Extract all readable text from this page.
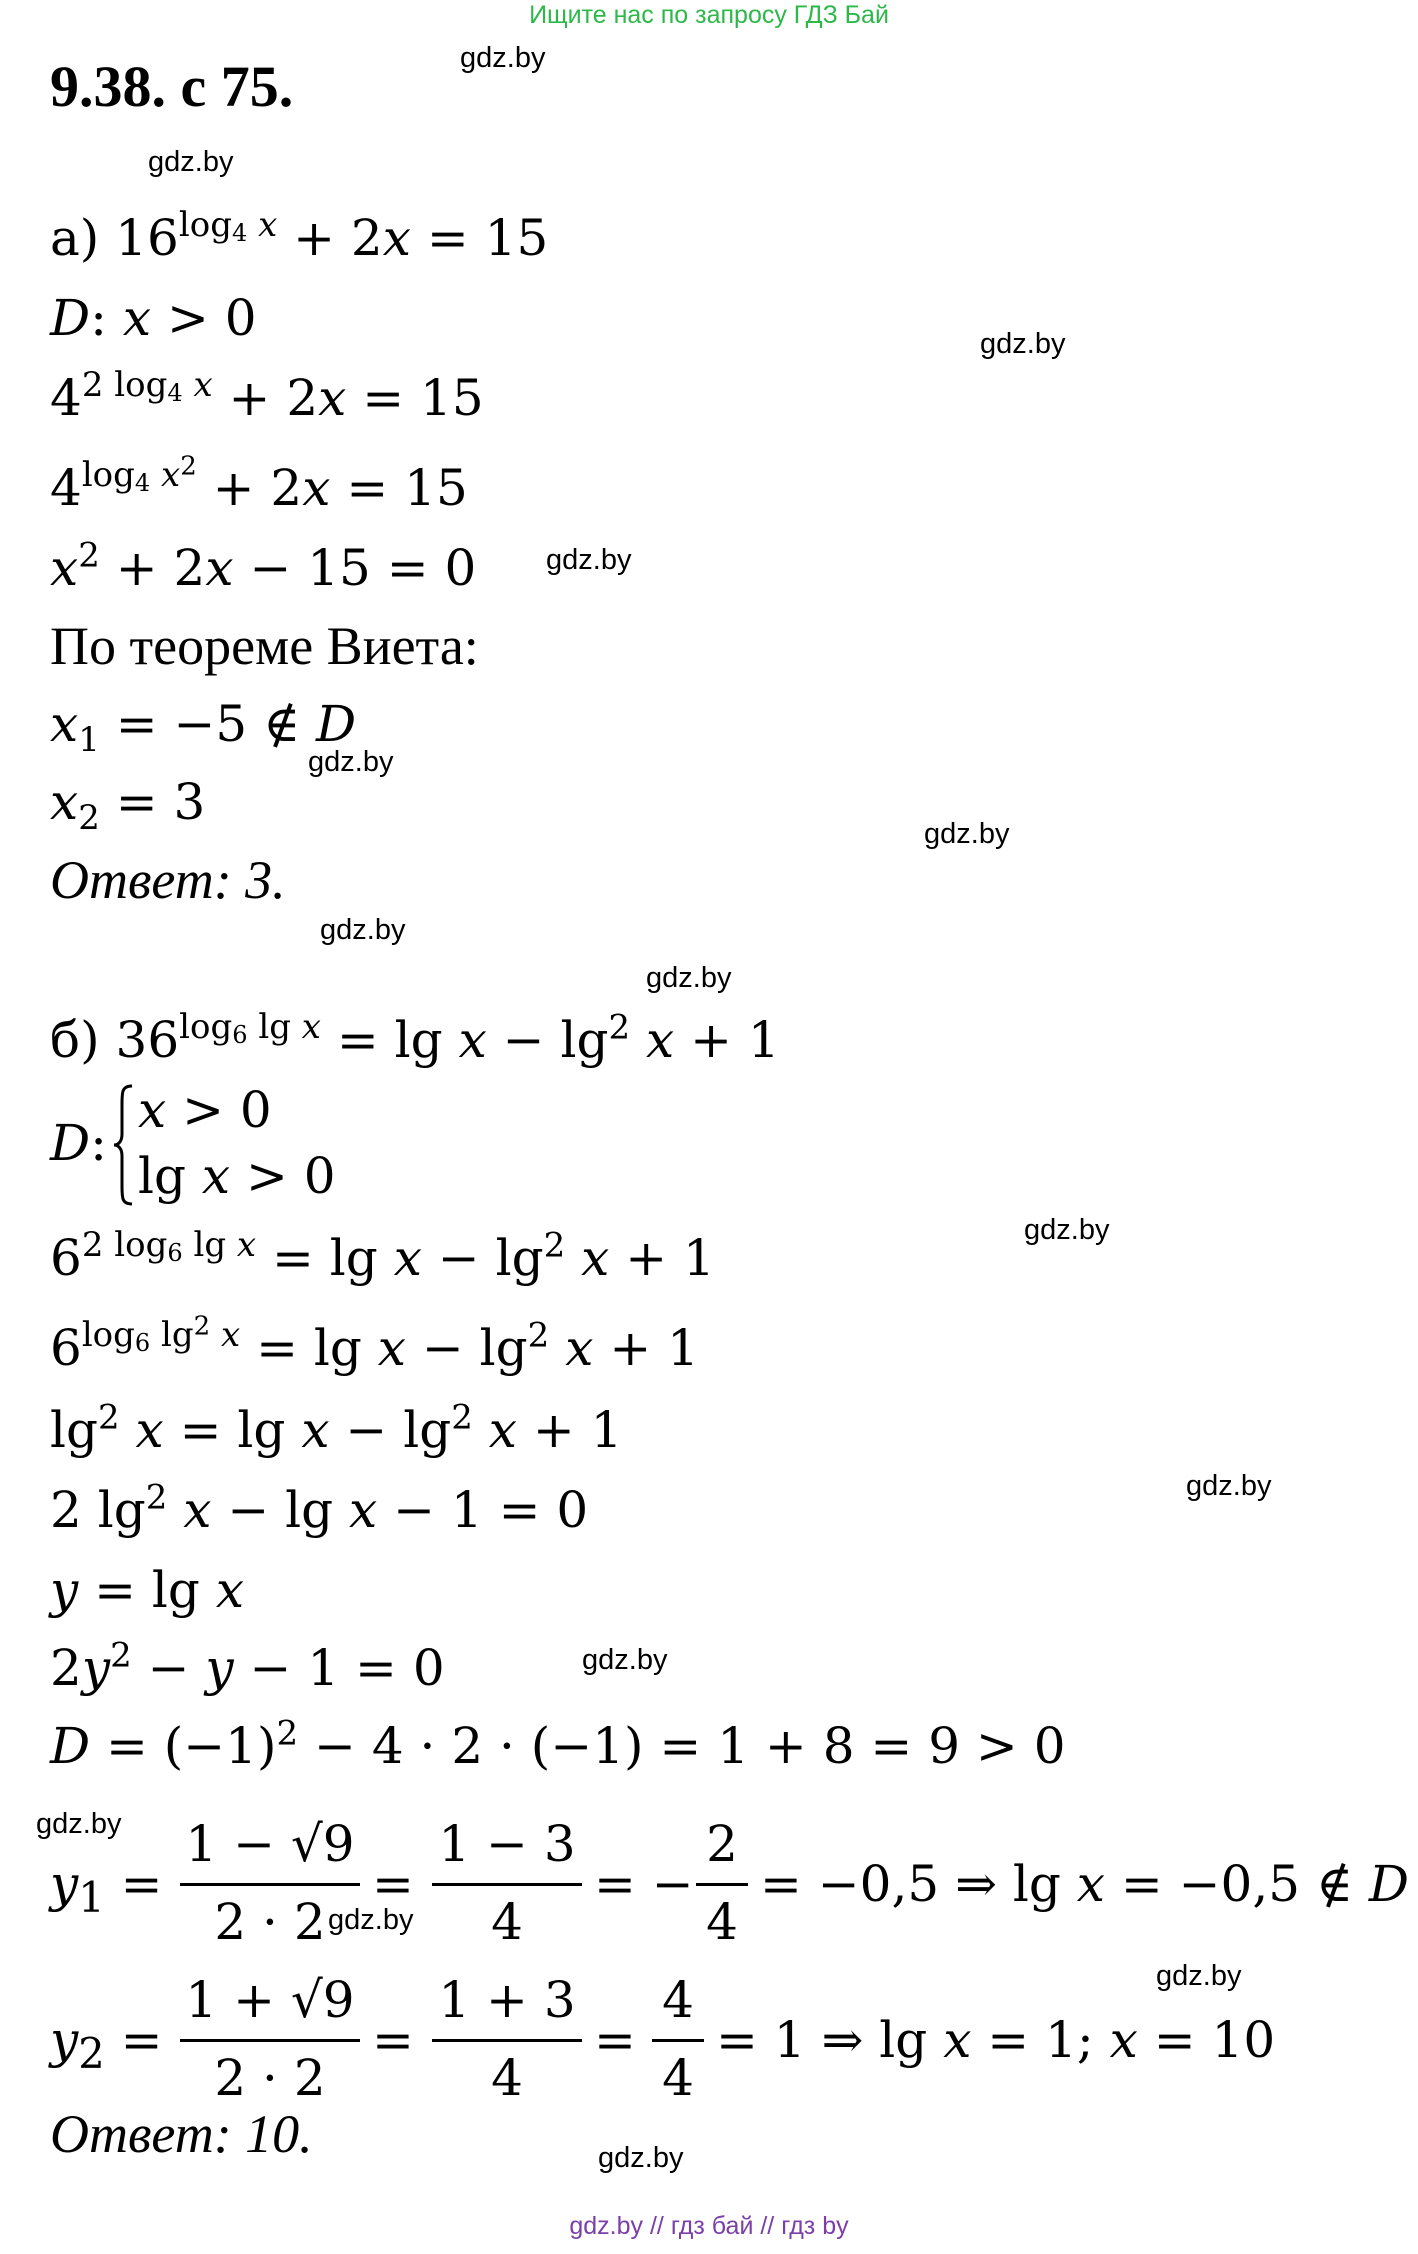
Ищите нас по запросу ГДЗ Бай
9.38. с 75.	gdz.by
gdz.by
gdz.by
gdz.by
gdz.by
gdz.by
gdz.by
gdz.by
gdz.by
gdz.by
gdz.by
gdz.by
gdz.by
gdz.by
gdz.by
а) $16^{log_4 x} + 2x = 15$
D: x > 0
$4^{2 log_4 x} + 2x = 15$
$4^{log_4 x^2} + 2x = 15$
$x^2 + 2x - 15 = 0$
По теореме Виета:
$x_1 = -5$ ∉ D
$x_2 = 3$
Ответ: 3.
б) $36^{log_6 lg x} = \lg x - \lg^2 x + 1$
D:
x > 0
lg x > 0
$6^{2 log_6 lg x} = \lg x - \lg^2 x + 1$
$6^{log_6 lg^2 x} = \lg x - \lg^2 x + 1$
$\lg^2 x = \lg x - \lg^2 x + 1$
2 $\lg^2 x - \lg x - 1 = 0$
y = lg x
$2y^2 - y - 1 = 0$
$D = (-1)^2 - 4 \cdot 2 \cdot (-1) = 1 + 8 = 9 > 0$
$y_1$ =
1 − √9
2 · 2
=
1 − 3
4
= −
2
4
= −0,5 ⇒ lg x = −0,5 ∉ D
$y_2$ =
1 + √9
2 · 2
=
1 + 3
4
=
4
4
= 1 ⇒ lg x = 1; x = 10
Ответ: 10.
gdz.by // гдз бай // гдз by
